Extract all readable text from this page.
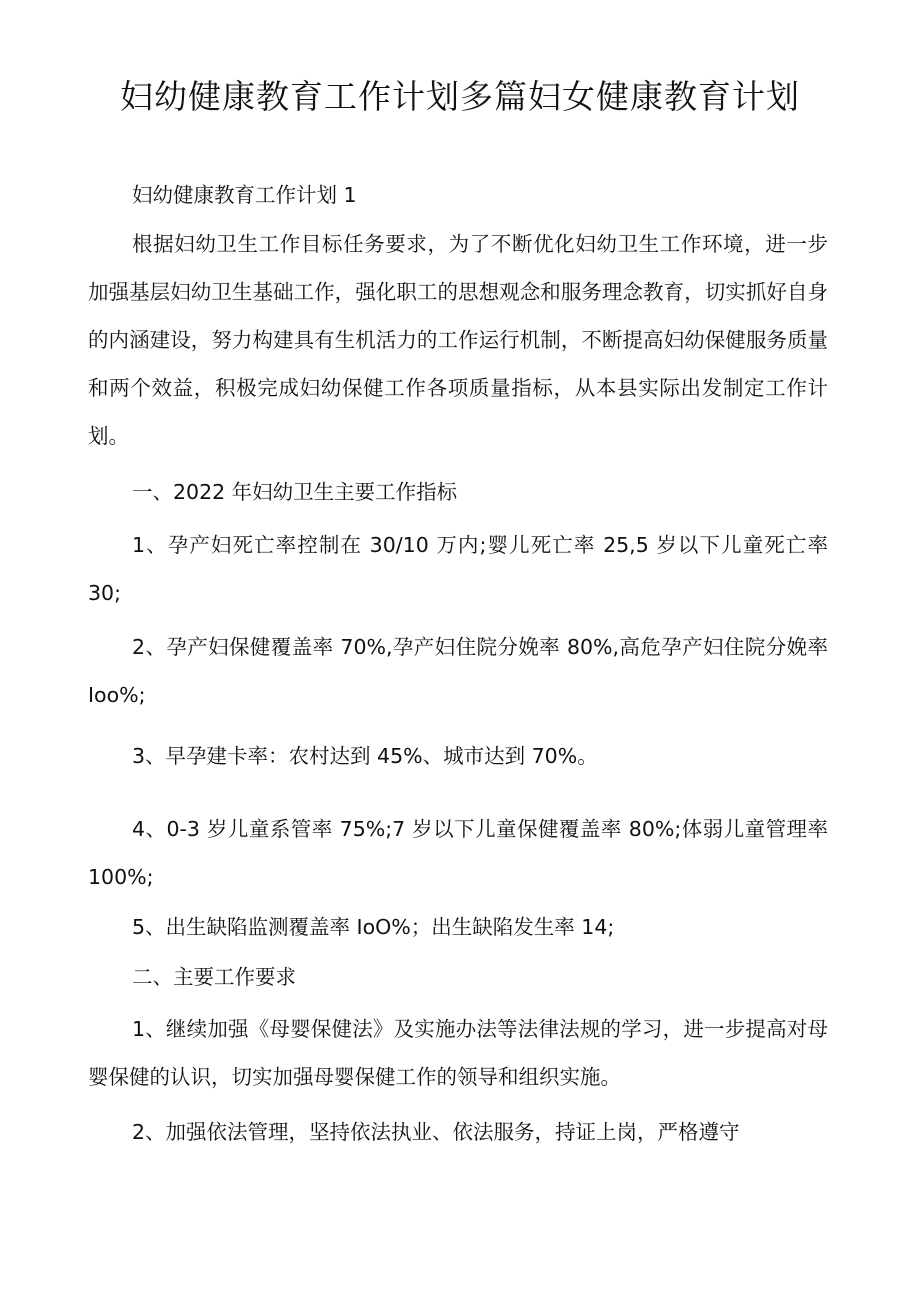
妇幼健康教育工作计划多篇妇女健康教育计划

妇幼健康教育工作计划 1

根据妇幼卫生工作目标任务要求，为了不断优化妇幼卫生工作环境，进一步加强基层妇幼卫生基础工作，强化职工的思想观念和服务理念教育，切实抓好自身的内涵建设，努力构建具有生机活力的工作运行机制，不断提高妇幼保健服务质量和两个效益，积极完成妇幼保健工作各项质量指标，从本县实际出发制定工作计划。

一、2022 年妇幼卫生主要工作指标

1、孕产妇死亡率控制在 30/10 万内;婴儿死亡率 25,5 岁以下儿童死亡率 30;

2、孕产妇保健覆盖率 70%,孕产妇住院分娩率 80%,高危孕产妇住院分娩率 Ioo%;

3、早孕建卡率：农村达到 45%、城市达到 70%。

4、0-3 岁儿童系管率 75%;7 岁以下儿童保健覆盖率 80%;体弱儿童管理率 100%;

5、出生缺陷监测覆盖率 IoO%；出生缺陷发生率 14;

二、主要工作要求

1、继续加强《母婴保健法》及实施办法等法律法规的学习，进一步提高对母婴保健的认识，切实加强母婴保健工作的领导和组织实施。

2、加强依法管理，坚持依法执业、依法服务，持证上岗，严格遵守
